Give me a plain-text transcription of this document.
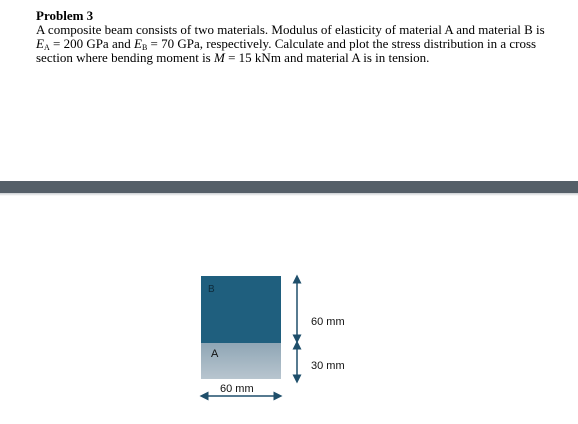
Problem 3

A composite beam consists of two materials. Modulus of elasticity of material A and material B is $E_A = 200$ GPa and $E_B = 70$ GPa, respectively. Calculate and plot the stress distribution in a cross section where bending moment is M = 15 kNm and material A is in tension.

B
A
60 mm
30 mm
60 mm
